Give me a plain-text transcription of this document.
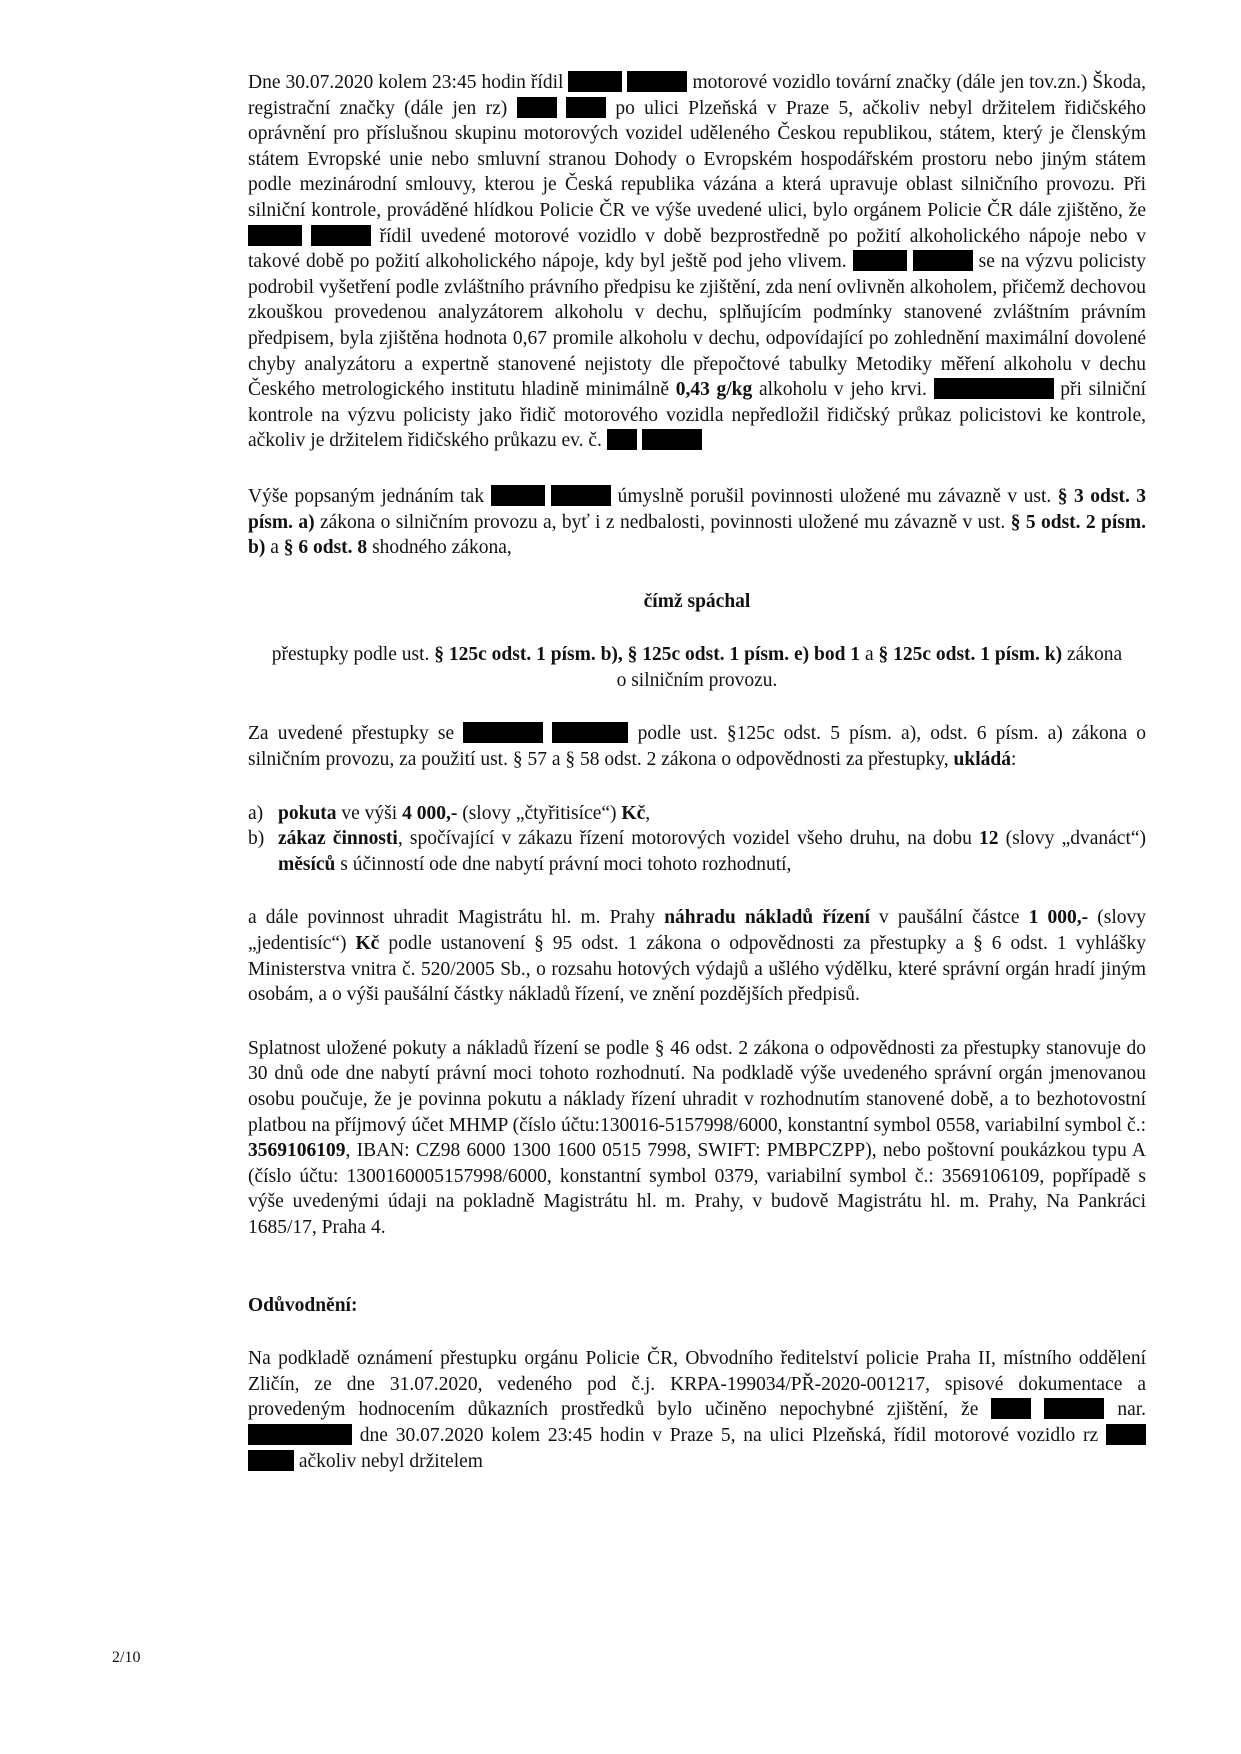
Dne 30.07.2020 kolem 23:45 hodin řídil	motorové vozidlo tovární značky (dále jen tov.zn.) Škoda, registrační značky (dále jen rz)	po ulici Plzeňská v Praze 5, ačkoliv nebyl držitelem řidičského oprávnění pro příslušnou skupinu motorových vozidel uděleného Českou republikou, státem, který je členským státem Evropské unie nebo smluvní stranou Dohody o Evropském hospodářském prostoru nebo jiným státem podle mezinárodní smlouvy, kterou je Česká republika vázána a která upravuje oblast silničního provozu. Při silniční kontrole, prováděné hlídkou Policie ČR ve výše uvedené ulici, bylo orgánem Policie ČR dále zjištěno, že   řídil uvedené motorové vozidlo v době bezprostředně po požití alkoholického nápoje nebo v takové době po požití alkoholického nápoje, kdy byl ještě pod jeho vlivem.	se na výzvu policisty podrobil vyšetření podle zvláštního právního předpisu ke zjištění, zda není ovlivněn alkoholem, přičemž dechovou zkouškou provedenou analyzátorem alkoholu v dechu, splňujícím podmínky stanovené zvláštním právním předpisem, byla zjištěna hodnota 0,67 promile alkoholu v dechu, odpovídající po zohlednění maximální dovolené chyby analyzátoru a expertně stanovené nejistoty dle přepočtové tabulky Metodiky měření alkoholu v dechu Českého metrologického institutu hladině minimálně 0,43 g/kg alkoholu v jeho krvi.	při silniční kontrole na výzvu policisty jako řidič motorového vozidla nepředložil řidičský průkaz policistovi ke kontrole, ačkoliv je držitelem řidičského průkazu ev. č.

Výše popsaným jednáním tak	úmyslně porušil povinnosti uložené mu závazně v ust. § 3 odst. 3 písm. a) zákona o silničním provozu a, byť i z nedbalosti, povinnosti uložené mu závazně v ust. § 5 odst. 2 písm. b) a § 6 odst. 8 shodného zákona,

čímž spáchal

přestupky podle ust. § 125c odst. 1 písm. b), § 125c odst. 1 písm. e) bod 1 a § 125c odst. 1 písm. k) zákona o silničním provozu.

Za uvedené přestupky se	podle ust. §125c odst. 5 písm. a), odst. 6 písm. a) zákona o silničním provozu, za použití ust. § 57 a § 58 odst. 2 zákona o odpovědnosti za přestupky, ukládá:

a) pokuta ve výši 4 000,- (slovy „čtyřitisíce“) Kč,
b) zákaz činnosti, spočívající v zákazu řízení motorových vozidel všeho druhu, na dobu 12 (slovy „dvanáct“) měsíců s účinností ode dne nabytí právní moci tohoto rozhodnutí,

a dále povinnost uhradit Magistrátu hl. m. Prahy náhradu nákladů řízení v paušální částce 1 000,- (slovy „jedentisíc“) Kč podle ustanovení § 95 odst. 1 zákona o odpovědnosti za přestupky a § 6 odst. 1 vyhlášky Ministerstva vnitra č. 520/2005 Sb., o rozsahu hotových výdajů a ušlého výdělku, které správní orgán hradí jiným osobám, a o výši paušální částky nákladů řízení, ve znění pozdějších předpisů.

Splatnost uložené pokuty a nákladů řízení se podle § 46 odst. 2 zákona o odpovědnosti za přestupky stanovuje do 30 dnů ode dne nabytí právní moci tohoto rozhodnutí. Na podkladě výše uvedeného správní orgán jmenovanou osobu poučuje, že je povinna pokutu a náklady řízení uhradit v rozhodnutím stanovené době, a to bezhotovostní platbou na příjmový účet MHMP (číslo účtu:130016-5157998/6000, konstantní symbol 0558, variabilní symbol č.: 3569106109, IBAN: CZ98 6000 1300 1600 0515 7998, SWIFT: PMBPCZPP), nebo poštovní poukázkou typu A (číslo účtu: 1300160005157998/6000, konstantní symbol 0379, variabilní symbol č.: 3569106109, popřípadě s výše uvedenými údaji na pokladně Magistrátu hl. m. Prahy, v budově Magistrátu hl. m. Prahy, Na Pankráci 1685/17, Praha 4.

Odůvodnění:

Na podkladě oznámení přestupku orgánu Policie ČR, Obvodního ředitelství policie Praha II, místního oddělení Zličín, ze dne 31.07.2020, vedeného pod č.j. KRPA-199034/PŘ-2020-001217, spisové dokumentace a provedeným hodnocením důkazních prostředků bylo učiněno nepochybné zjištění, že	nar.  dne 30.07.2020 kolem 23:45 hodin v Praze 5, na ulici Plzeňská, řídil motorové vozidlo rz   ačkoliv nebyl držitelem

2/10
